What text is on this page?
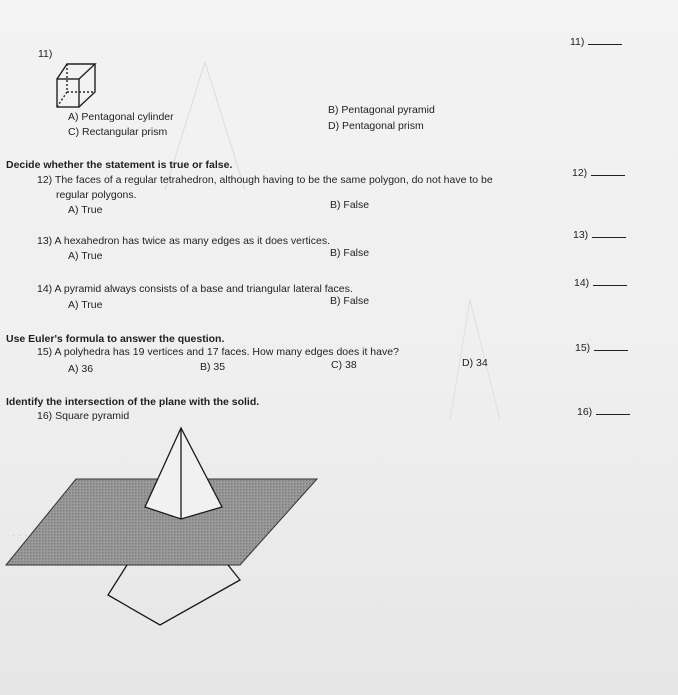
11)
11)
A) Pentagonal cylinder
B) Pentagonal pyramid
C) Rectangular prism	D) Pentagonal prism
Decide whether the statement is true or false.
12) The faces of a regular tetrahedron, although having to be the same polygon, do not have to be
regular polygons.
A) True	B) False
12)
13) A hexahedron has twice as many edges as it does vertices.
A) True	B) False
13)
14) A pyramid always consists of a base and triangular lateral faces.
A) True	B) False
14)
Use Euler's formula to answer the question.
15) A polyhedra has 19 vertices and 17 faces. How many edges does it have?
A) 36	B) 35	C) 38	D) 34
15)
Identify the intersection of the plane with the solid.
16) Square pyramid	16)
· · ·
